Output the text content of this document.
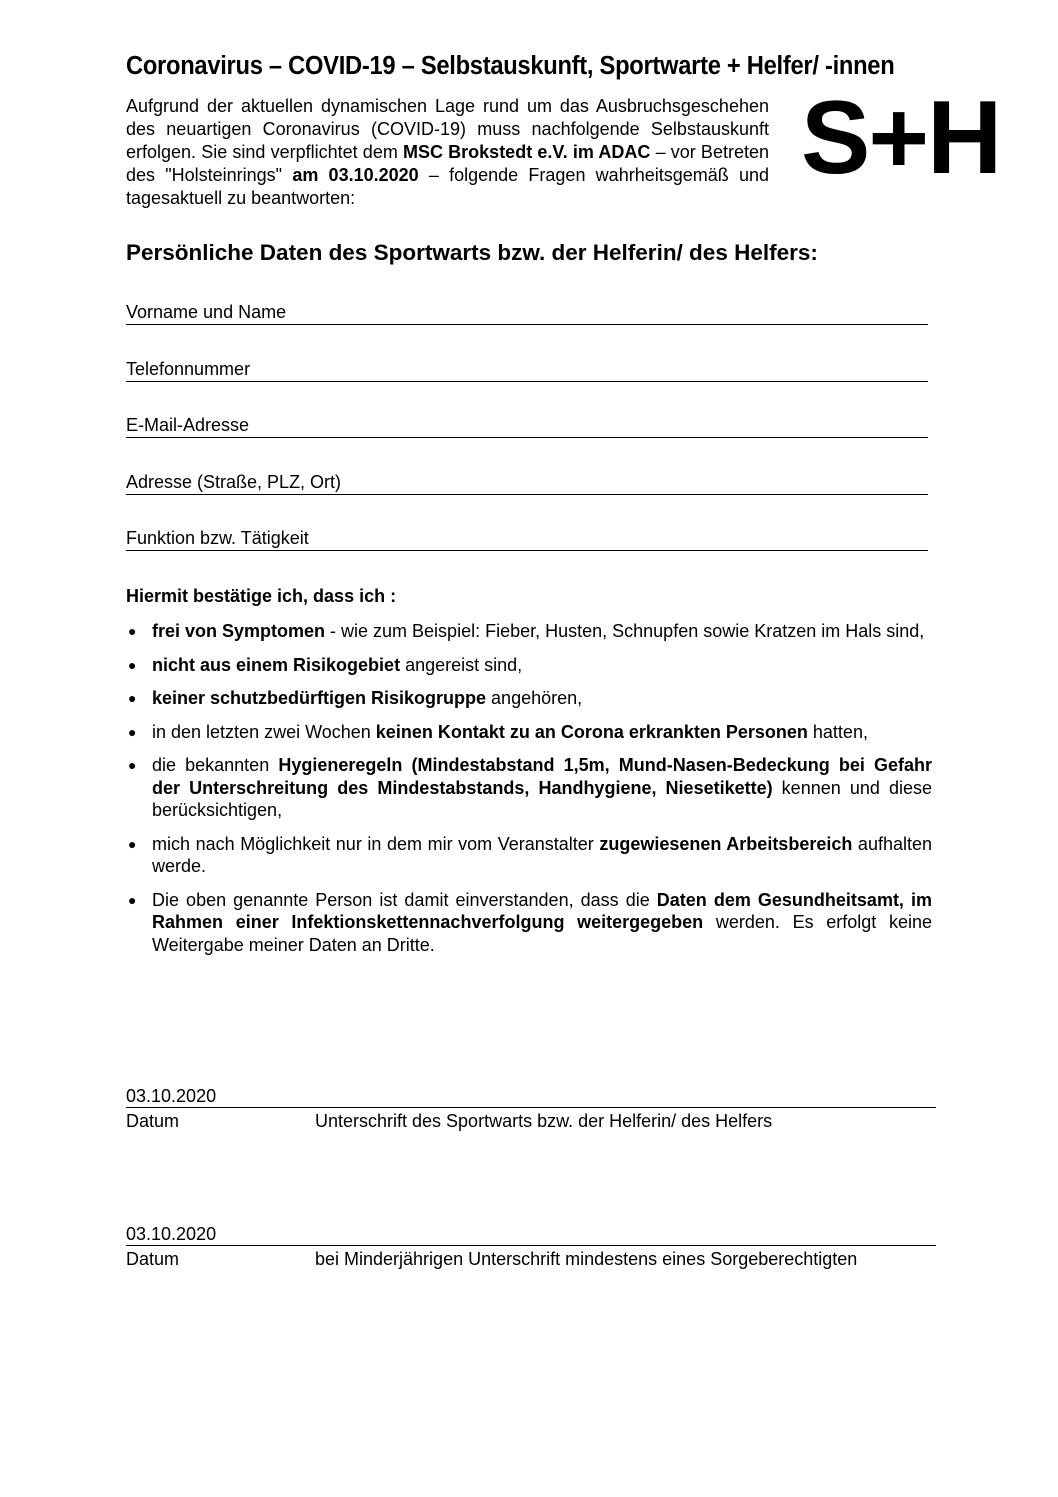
Coronavirus – COVID-19 – Selbstauskunft, Sportwarte + Helfer/ -innen

Aufgrund der aktuellen dynamischen Lage rund um das Ausbruchsgeschehen des neuartigen Coronavirus (COVID-19) muss nachfolgende Selbstauskunft erfolgen. Sie sind verpflichtet dem MSC Brokstedt e.V. im ADAC – vor Betreten des "Holsteinrings" am 03.10.2020 – folgende Fragen wahrheitsgemäß und tagesaktuell zu beantworten:

S+H
Persönliche Daten des Sportwarts bzw. der Helferin/ des Helfers:
Vorname und Name
Telefonnummer
E-Mail-Adresse
Adresse (Straße, PLZ, Ort)
Funktion bzw. Tätigkeit
Hiermit bestätige ich, dass ich :
● frei von Symptomen - wie zum Beispiel: Fieber, Husten, Schnupfen sowie Kratzen im Hals sind,
● nicht aus einem Risikogebiet angereist sind,
● keiner schutzbedürftigen Risikogruppe angehören,
● in den letzten zwei Wochen keinen Kontakt zu an Corona erkrankten Personen hatten,
● die bekannten Hygieneregeln (Mindestabstand 1,5m, Mund-Nasen-Bedeckung bei Gefahr der Unterschreitung des Mindestabstands, Handhygiene, Niesetikette) kennen und diese berücksichtigen,
● mich nach Möglichkeit nur in dem mir vom Veranstalter zugewiesenen Arbeitsbereich aufhalten werde.
● Die oben genannte Person ist damit einverstanden, dass die Daten dem Gesundheitsamt, im Rahmen einer Infektionskettennachverfolgung weitergegeben werden. Es erfolgt keine Weitergabe meiner Daten an Dritte.
03.10.2020
Datum	Unterschrift des Sportwarts bzw. der Helferin/ des Helfers
03.10.2020
Datum	bei Minderjährigen Unterschrift mindestens eines Sorgeberechtigten
